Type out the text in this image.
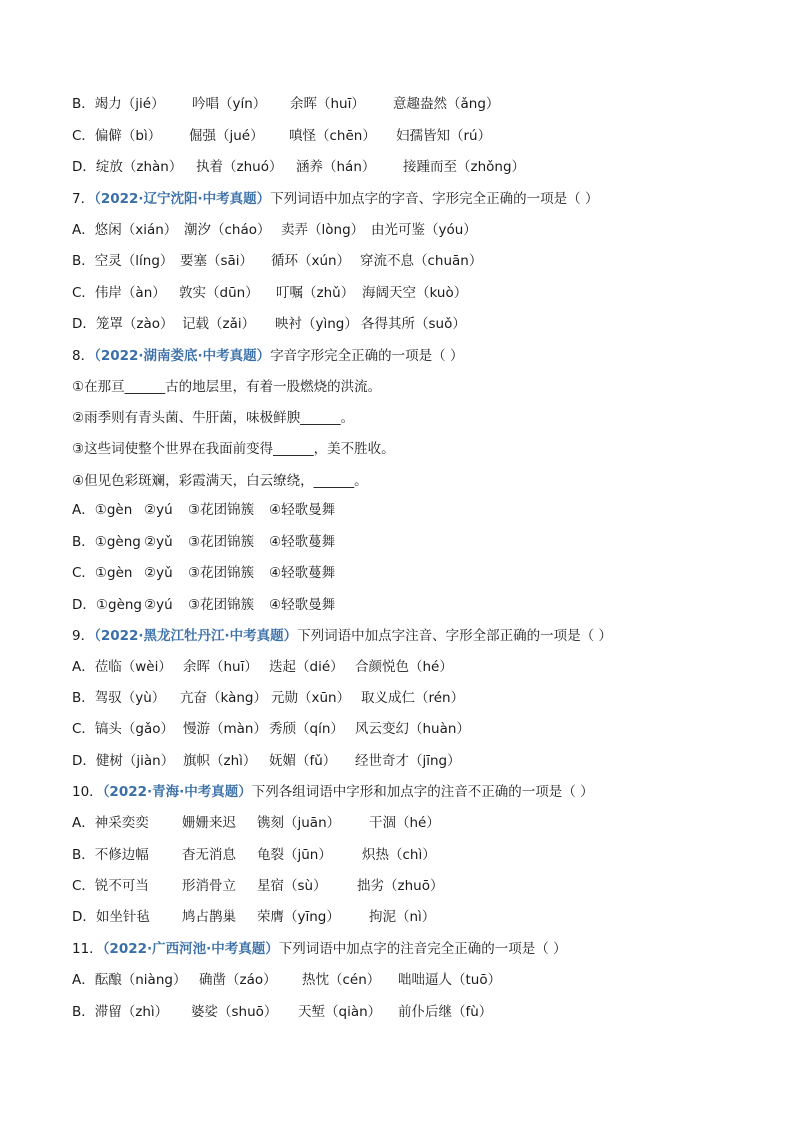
B．竭力（jié） 吟唱（yín） 余晖（huī） 意趣盎然（ǎng）
C．偏僻（bì） 倔强（jué） 嗔怪（chēn） 妇孺皆知（rú）
D．绽放（zhàn） 执着（zhuó） 涵养（hán） 接踵而至（zhǒng）
7．（2022·辽宁沈阳·中考真题）下列词语中加点字的字音、字形完全正确的一项是（ ）
A．悠闲（xián） 潮汐（cháo） 卖弄（lòng） 由光可鉴（yóu）
B．空灵（líng） 要塞（sāi） 循环（xún） 穿流不息（chuān）
C．伟岸（àn） 敦实（dūn） 叮嘱（zhǔ） 海阔天空（kuò）
D．笼罩（zào） 记载（zǎi） 映衬（yìng） 各得其所（suǒ）
8．（2022·湖南娄底·中考真题）字音字形完全正确的一项是（ ）
①在那亘______古的地层里，有着一股燃烧的洪流。
②雨季则有青头菌、牛肝菌，味极鲜腴______。
③这些词使整个世界在我面前变得______，美不胜收。
④但见色彩斑斓，彩霞满天，白云缭绕，______。
A．①gèn ②yú ③花团锦簇 ④轻歌曼舞
B．①gèng ②yǔ ③花团锦簇 ④轻歌蔓舞
C．①gèn ②yǔ ③花团锦簇 ④轻歌蔓舞
D．①gèng ②yú ③花团锦簇 ④轻歌曼舞
9．（2022·黑龙江牡丹江·中考真题）下列词语中加点字注音、字形全部正确的一项是（ ）
A．莅临（wèi） 余晖（huī） 迭起（dié） 合颜悦色（hé）
B．驾驭（yù） 亢奋（kàng） 元勋（xūn） 取义成仁（rén）
C．镐头（gǎo） 慢游（màn） 秀颀（qín） 风云变幻（huàn）
D．健树（jiàn） 旗帜（zhì） 妩媚（fǔ） 经世奇才（jīng）
10．（2022·青海·中考真题）下列各组词语中字形和加点字的注音不正确的一项是（ ）
A．神采奕奕 姗姗来迟 镌刻（juān） 干涸（hé）
B．不修边幅 杳无消息 龟裂（jūn） 炽热（chì）
C．锐不可当 形消骨立 星宿（sù） 拙劣（zhuō）
D．如坐针毡 鸠占鹊巢 荣膺（yīng） 拘泥（nì）
11．（2022·广西河池·中考真题）下列词语中加点字的注音完全正确的一项是（ ）
A．酝酿（niàng） 确凿（záo） 热忱（cén） 咄咄逼人（tuō）
B．滞留（zhì） 婆娑（shuō） 天堑（qiàn） 前仆后继（fù）
